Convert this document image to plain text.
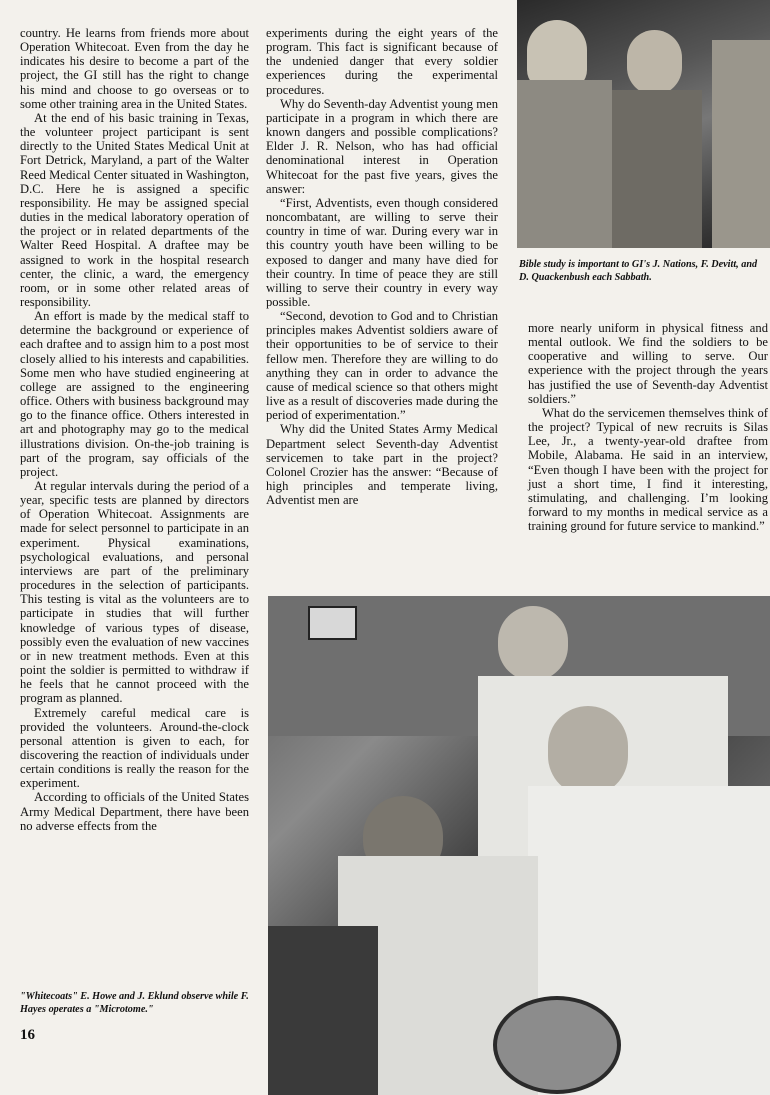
country. He learns from friends more about Operation Whitecoat. Even from the day he indicates his desire to become a part of the project, the GI still has the right to change his mind and choose to go overseas or to some other training area in the United States.

At the end of his basic training in Texas, the volunteer project participant is sent directly to the United States Medical Unit at Fort Detrick, Maryland, a part of the Walter Reed Medical Center situated in Washington, D.C. Here he is assigned a specific responsibility. He may be assigned special duties in the medical laboratory operation of the project or in related departments of the Walter Reed Hospital. A draftee may be assigned to work in the hospital research center, the clinic, a ward, the emergency room, or in some other related areas of responsibility.

An effort is made by the medical staff to determine the background or experience of each draftee and to assign him to a post most closely allied to his interests and capabilities. Some men who have studied engineering at college are assigned to the engineering office. Others with business background may go to the finance office. Others interested in art and photography may go to the medical illustrations division. On-the-job training is part of the program, say officials of the project.

At regular intervals during the period of a year, specific tests are planned by directors of Operation Whitecoat. Assignments are made for select personnel to participate in an experiment. Physical examinations, psychological evaluations, and personal interviews are part of the preliminary procedures in the selection of participants. This testing is vital as the volunteers are to participate in studies that will further knowledge of various types of disease, possibly even the evaluation of new vaccines or in new treatment methods. Even at this point the soldier is permitted to withdraw if he feels that he cannot proceed with the program as planned.

Extremely careful medical care is provided the volunteers. Around-the-clock personal attention is given to each, for discovering the reaction of individuals under certain conditions is really the reason for the experiment.

According to officials of the United States Army Medical Department, there have been no adverse effects from the

experiments during the eight years of the program. This fact is significant because of the undenied danger that every soldier experiences during the experimental procedures.

Why do Seventh-day Adventist young men participate in a program in which there are known dangers and possible complications? Elder J. R. Nelson, who has had official denominational interest in Operation Whitecoat for the past five years, gives the answer:

“First, Adventists, even though considered noncombatant, are willing to serve their country in time of war. During every war in this country youth have been willing to be exposed to danger and many have died for their country. In time of peace they are still willing to serve their country in every way possible.

“Second, devotion to God and to Christian principles makes Adventist soldiers aware of their opportunities to be of service to their fellow men. Therefore they are willing to do anything they can in order to advance the cause of medical science so that others might live as a result of discoveries made during the period of experimentation.”

Why did the United States Army Medical Department select Seventh-day Adventist servicemen to take part in the project? Colonel Crozier has the answer: “Because of high principles and temperate living, Adventist men are

Bible study is important to GI's J. Nations, F. Devitt, and D. Quackenbush each Sabbath.

more nearly uniform in physical fitness and mental outlook. We find the soldiers to be cooperative and willing to serve. Our experience with the project through the years has justified the use of Seventh-day Adventist soldiers.”

What do the servicemen themselves think of the project? Typical of new recruits is Silas Lee, Jr., a twenty-year-old draftee from Mobile, Alabama. He said in an interview, “Even though I have been with the project for just a short time, I find it interesting, stimulating, and challenging. I’m looking forward to my months in medical service as a training ground for future service to mankind.”

"Whitecoats" E. Howe and J. Eklund observe while F. Hayes operates a "Microtome."
16
